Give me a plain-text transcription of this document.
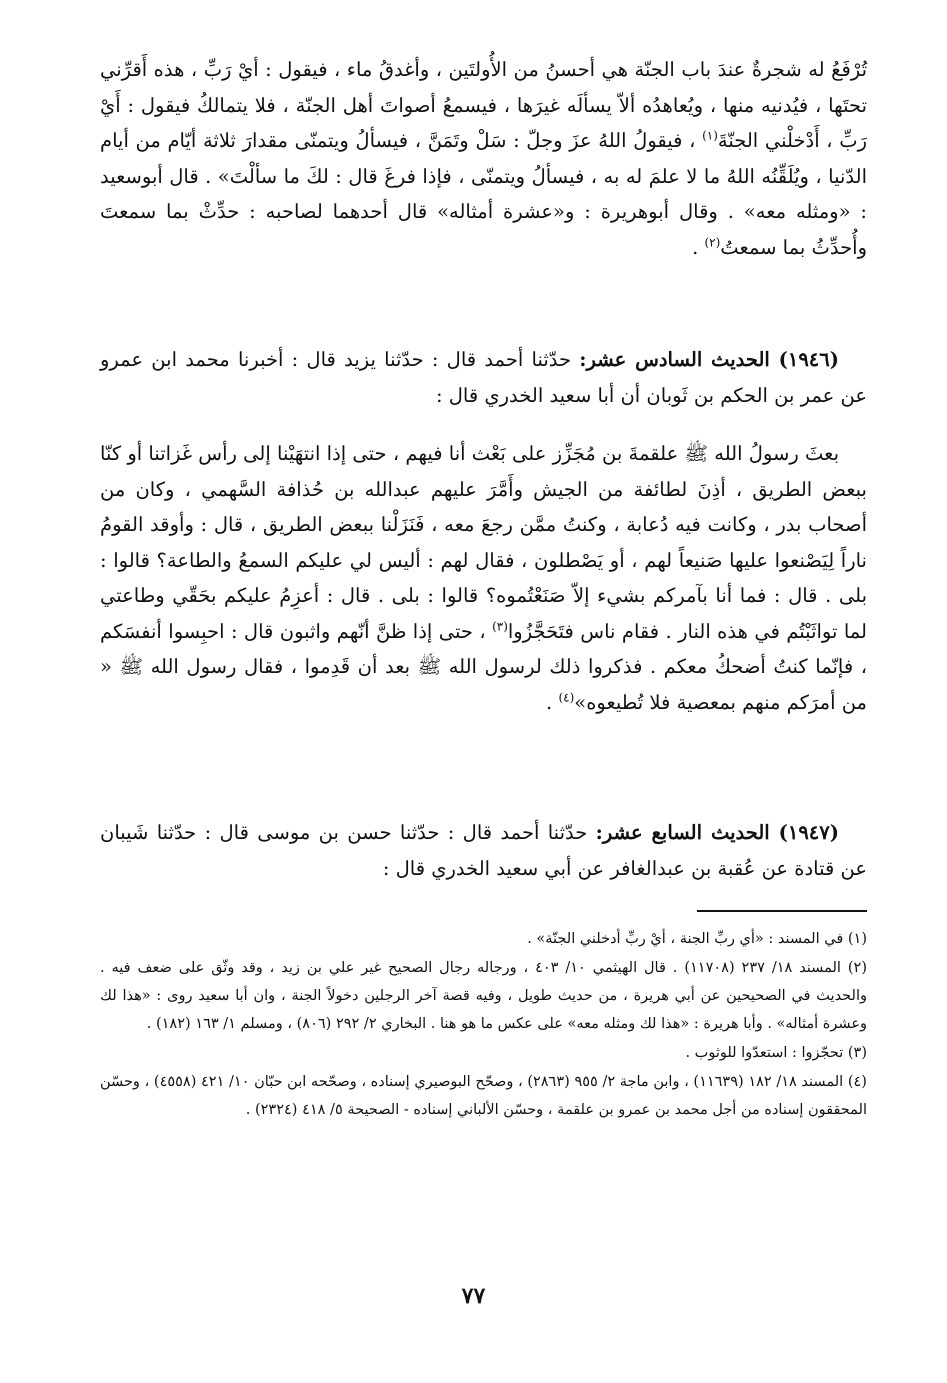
تُرْفَعُ له شجرةٌ عندَ باب الجنّة هي أحسنُ من الأُولتَين ، وأغدقُ ماء ، فيقول : أيْ رَبِّ ، هذه أَقرِّني تحتَها ، فيُدنيه منها ، ويُعاهدُه ألاّ يسألَه غيرَها ، فيسمعُ أصواتَ أهل الجنّة ، فلا يتمالكُ فيقول : أَيْ رَبِّ ، أَدْخلْني الجنّةَ$^{(١)}$ ، فيقولُ اللهُ عزَ وجلّ : سَلْ وتَمَنَّ ، فيسألُ ويتمنّى مقدارَ ثلاثة أيّام من أيام الدّنيا ، ويُلَقِّنُه اللهُ ما لا علمَ له به ، فيسألُ ويتمنّى ، فإذا فرغَ قال : لكَ ما سألْتَ» . قال أبوسعيد : «ومثله معه» . وقال أبوهريرة : و«عشرة أمثاله» قال أحدهما لصاحبه : حدِّثْ بما سمعتَ وأُحدِّثُ بما سمعتُ$^{(٢)}$ .

(١٩٤٦) الحديث السادس عشر: حدّثنا أحمد قال : حدّثنا يزيد قال : أخبرنا محمد ابن عمرو عن عمر بن الحكم بن ثَوبان أن أبا سعيد الخدري قال :

بعثَ رسولُ الله ﷺ علقمةَ بن مُجَزِّز على بَعْث أنا فيهم ، حتى إذا انتهَيْنا إلى رأس غَزاتنا أو كنّا ببعض الطريق ، أذِنَ لطائفة من الجيش وأَمَّرَ عليهم عبدالله بن حُذافة السَّهمي ، وكان من أصحاب بدر ، وكانت فيه دُعابة ، وكنتُ ممَّن رجعَ معه ، فَنَزَلْنا ببعض الطريق ، قال : وأوقد القومُ ناراً لِيَصْنعوا عليها صَنيعاً لهم ، أو يَصْطلون ، فقال لهم : أليس لي عليكم السمعُ والطاعة؟ قالوا : بلى . قال : فما أنا بآمركم بشيء إلاّ صَنَعْتُموه؟ قالوا : بلى . قال : أعزِمُ عليكم بحَقّي وطاعتي لما تواثَبْتُم في هذه النار . فقام ناس فتَحَجَّزُوا$^{(٣)}$ ، حتى إذا ظنَّ أنّهم واثبون قال : احبِسوا أنفسَكم ، فإنّما كنتُ أضحكُ معكم . فذكروا ذلك لرسول الله ﷺ بعد أن قَدِموا ، فقال رسول الله ﷺ « من أمرَكم منهم بمعصية فلا تُطيعوه»$^{(٤)}$ .

(١٩٤٧) الحديث السابع عشر: حدّثنا أحمد قال : حدّثنا حسن بن موسى قال : حدّثنا شَيبان عن قتادة عن عُقبة بن عبدالغافر عن أبي سعيد الخدري قال :

(١) في المسند : «أي ربِّ الجنة ، أيْ ربِّ أدخلني الجنّة» .

(٢) المسند ١٨/ ٢٣٧ (١١٧٠٨) . قال الهيثمي ١٠/ ٤٠٣ ، ورجاله رجال الصحيح غير علي بن زيد ، وقد وثّق على ضعف فيه . والحديث في الصحيحين عن أبي هريرة ، من حديث طويل ، وفيه قصة آخر الرجلين دخولاً الجنة ، وان أبا سعيد روى : «هذا لك وعشرة أمثاله» . وأبا هريرة : «هذا لك ومثله معه» على عكس ما هو هنا . البخاري ٢/ ٢٩٢ (٨٠٦) ، ومسلم ١/ ١٦٣ (١٨٢) .

(٣) تحجّزوا : استعدّوا للوثوب .

(٤) المسند ١٨/ ١٨٢ (١١٦٣٩) ، وابن ماجة ٢/ ٩٥٥ (٢٨٦٣) ، وصحّح البوصيري إسناده ، وصحّحه ابن حبّان ١٠/ ٤٢١ (٤٥٥٨) ، وحسّن المحققون إسناده من أجل محمد بن عمرو بن علقمة ، وحسّن الألباني إسناده - الصحيحة ٥/ ٤١٨ (٢٣٢٤) .

٧٧
